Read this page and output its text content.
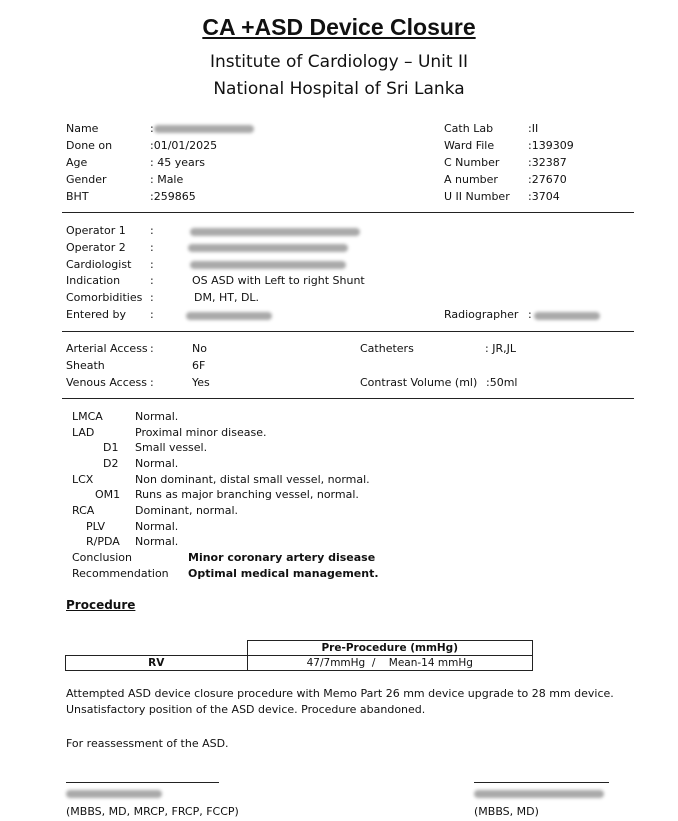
CA +ASD Device Closure
Institute of Cardiology – Unit II
National Hospital of Sri Lanka
Name	:
Done on	:01/01/2025
Age	: 45 years
Gender	: Male
BHT	:259865
Cath Lab	:II
Ward File	:139309
C Number	:32387
A number	:27670
U II Number :3704
Operator 1 :
Operator 2 :
Cardiologist :
Indication	:	OS ASD with Left to right Shunt
Comorbidities :	DM, HT, DL.
Entered by :	Radiographer :
Arterial Access :	No
Sheath	6F
Venous Access :	Yes
Catheters	: JR,JL
Contrast Volume (ml) :50ml
LMCA	Normal.
LAD	Proximal minor disease.
D1 Small vessel.
D2 Normal.
LCX	Non dominant, distal small vessel, normal.
OM1 Runs as major branching vessel, normal.
RCA	Dominant, normal.
PLV	Normal.
R/PDA Normal.
Conclusion	Minor coronary artery disease
Recommendation Optimal medical management.
Procedure
	Pre-Procedure (mmHg)
RV	47/7mmHg  /    Mean-14 mmHg
Attempted ASD device closure procedure with Memo Part 26 mm device upgrade to 28 mm device.
Unsatisfactory position of the ASD device. Procedure abandoned.
For reassessment of the ASD.
(MBBS, MD, MRCP, FRCP, FCCP)	(MBBS, MD)
